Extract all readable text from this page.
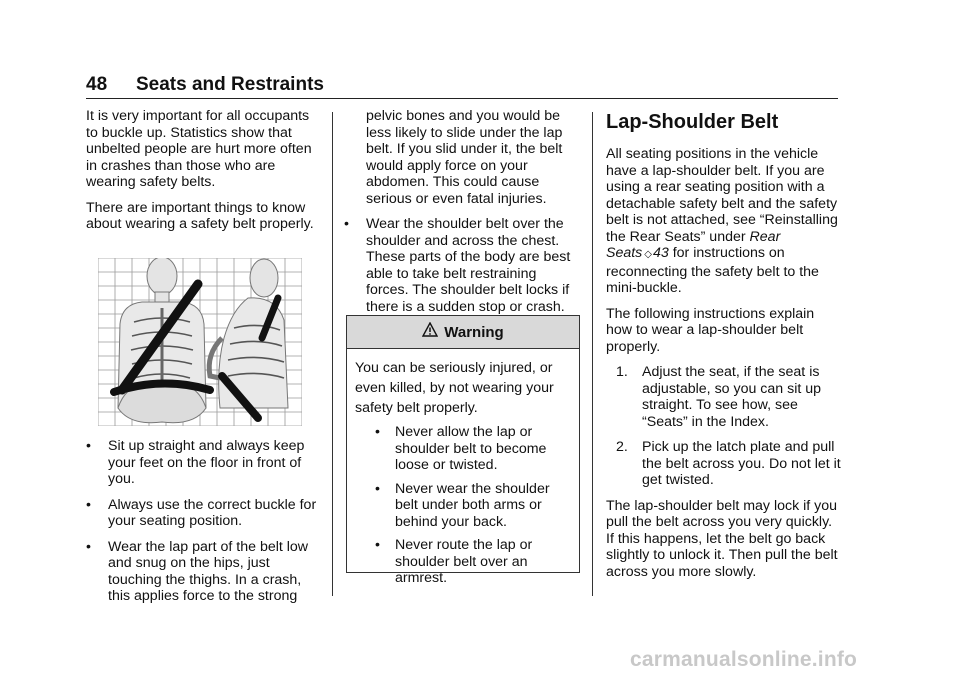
48 Seats and Restraints

It is very important for all occupants to buckle up. Statistics show that unbelted people are hurt more often in crashes than those who are wearing safety belts.

There are important things to know about wearing a safety belt properly.

• Sit up straight and always keep your feet on the floor in front of you.
• Always use the correct buckle for your seating position.
• Wear the lap part of the belt low and snug on the hips, just touching the thighs. In a crash, this applies force to the strong

pelvic bones and you would be less likely to slide under the lap belt. If you slid under it, the belt would apply force on your abdomen. This could cause serious or even fatal injuries.

• Wear the shoulder belt over the shoulder and across the chest. These parts of the body are best able to take belt restraining forces. The shoulder belt locks if there is a sudden stop or crash.
Warning

You can be seriously injured, or even killed, by not wearing your safety belt properly.

• Never allow the lap or shoulder belt to become loose or twisted.
• Never wear the shoulder belt under both arms or behind your back.
• Never route the lap or shoulder belt over an armrest.
Lap-Shoulder Belt

All seating positions in the vehicle have a lap-shoulder belt. If you are using a rear seating position with a detachable safety belt and the safety belt is not attached, see “Reinstalling the Rear Seats” under Rear Seats ◇43 for instructions on reconnecting the safety belt to the mini-buckle.

The following instructions explain how to wear a lap-shoulder belt properly.

1. Adjust the seat, if the seat is adjustable, so you can sit up straight. To see how, see “Seats” in the Index.
2. Pick up the latch plate and pull the belt across you. Do not let it get twisted.

The lap-shoulder belt may lock if you pull the belt across you very quickly. If this happens, let the belt go back slightly to unlock it. Then pull the belt across you more slowly.

carmanualsonline.info
